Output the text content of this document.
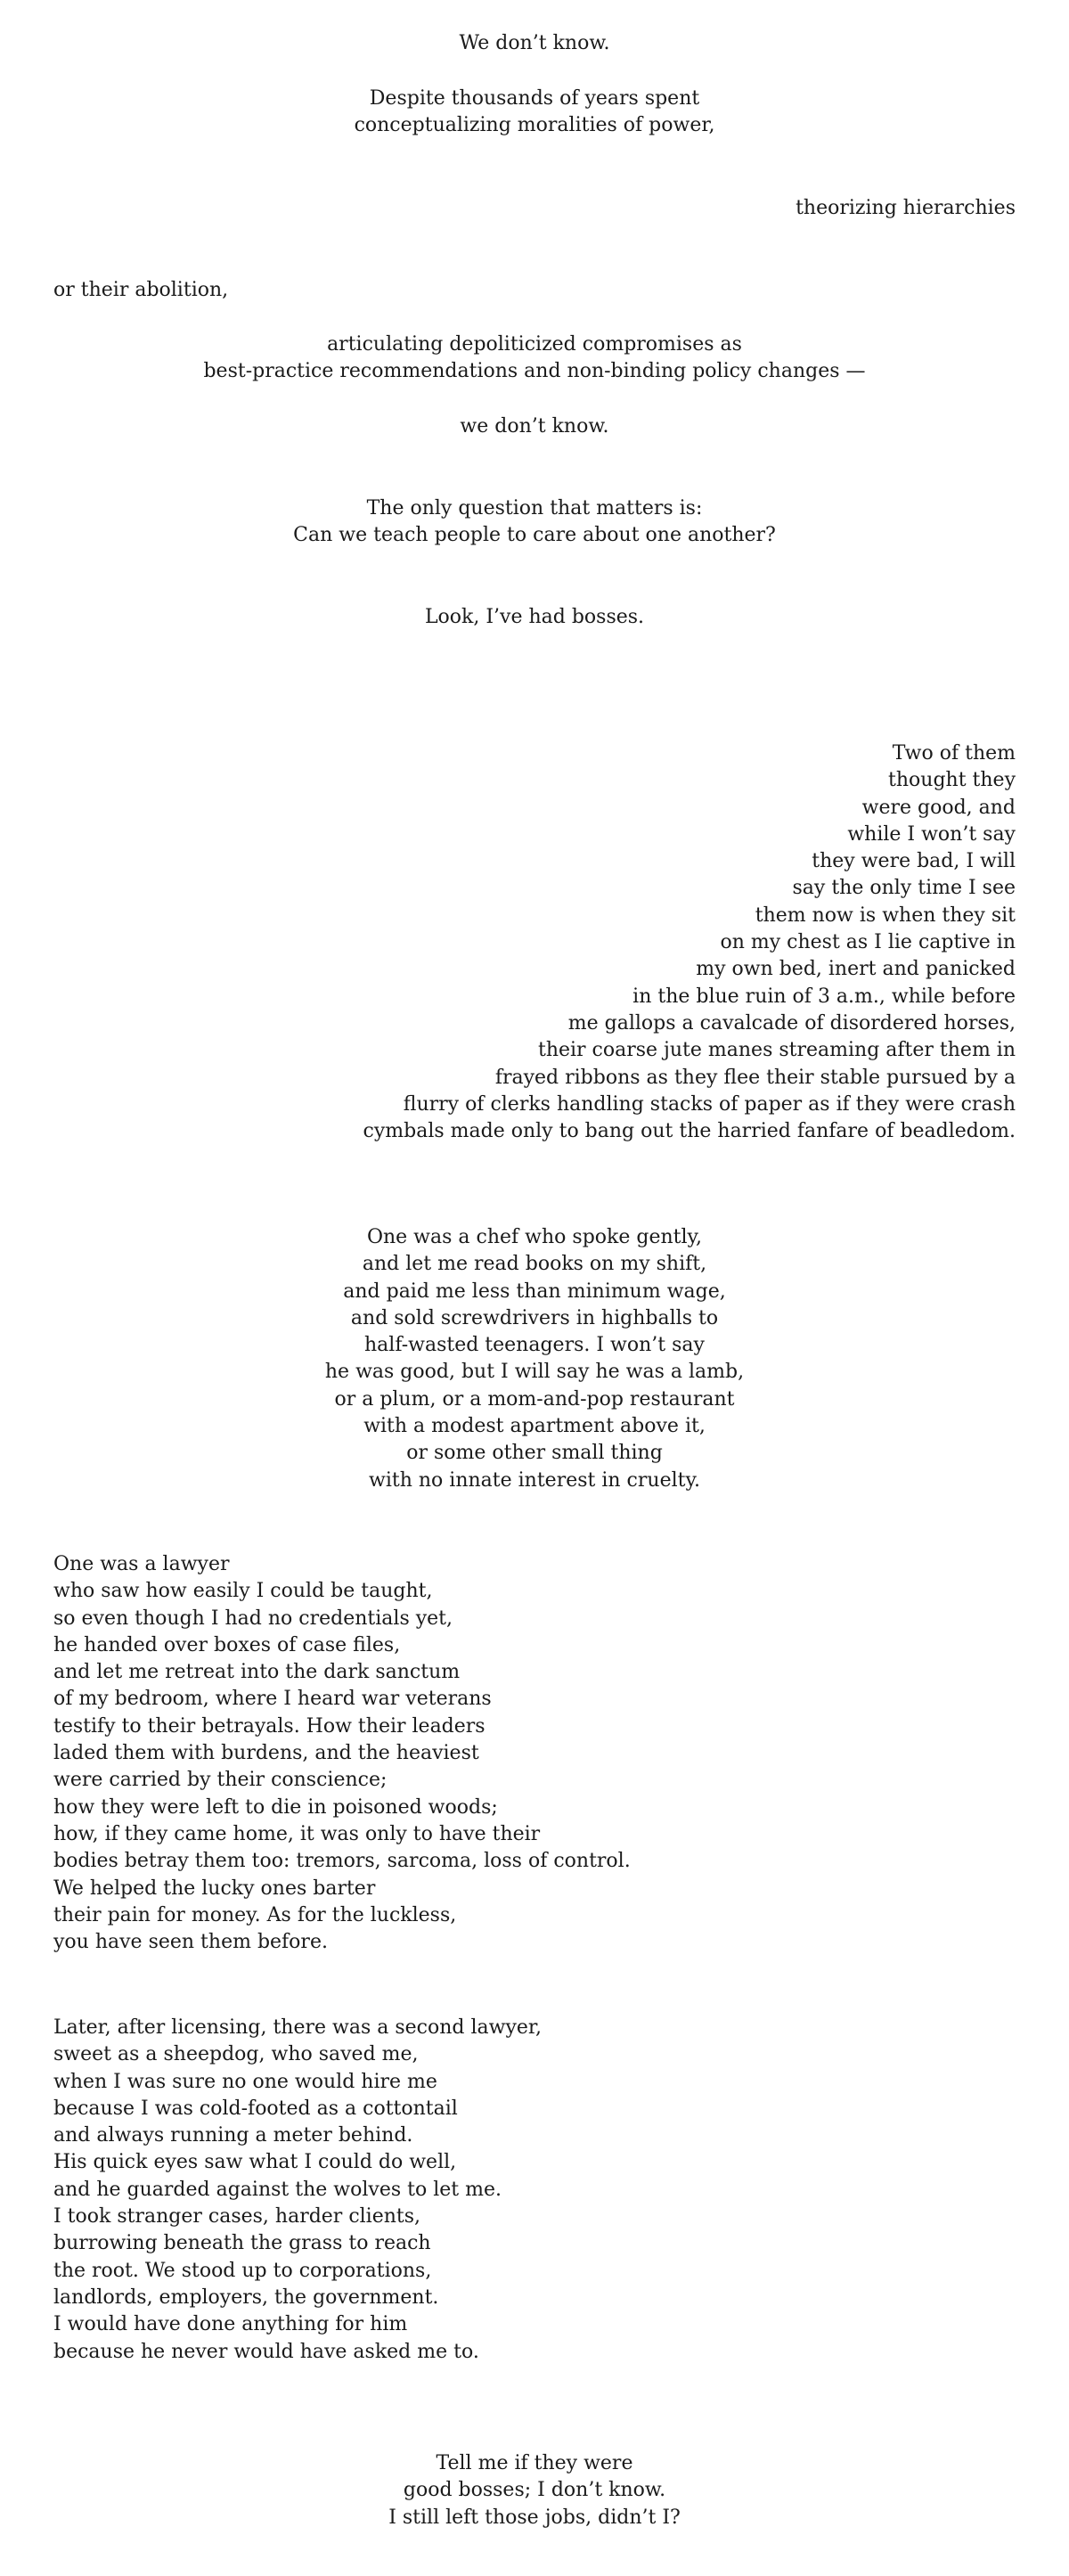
We don’t know.

Despite thousands of years spent
conceptualizing moralities of power,

theorizing hierarchies

or their abolition,

articulating depoliticized compromises as
best-practice recommendations and non-binding policy changes —

we don’t know.

The only question that matters is:
Can we teach people to care about one another?

Look, I’ve had bosses.

Two of them
thought they
were good, and
while I won’t say
they were bad, I will
say the only time I see
them now is when they sit
on my chest as I lie captive in
my own bed, inert and panicked
in the blue ruin of 3 a.m., while before
me gallops a cavalcade of disordered horses,
their coarse jute manes streaming after them in
frayed ribbons as they flee their stable pursued by a
flurry of clerks handling stacks of paper as if they were crash
cymbals made only to bang out the harried fanfare of beadledom.

One was a chef who spoke gently,
and let me read books on my shift,
and paid me less than minimum wage,
and sold screwdrivers in highballs to
half-wasted teenagers. I won’t say
he was good, but I will say he was a lamb,
or a plum, or a mom-and-pop restaurant
with a modest apartment above it,
or some other small thing
with no innate interest in cruelty.

One was a lawyer
who saw how easily I could be taught,
so even though I had no credentials yet,
he handed over boxes of case files,
and let me retreat into the dark sanctum
of my bedroom, where I heard war veterans
testify to their betrayals. How their leaders
laded them with burdens, and the heaviest
were carried by their conscience;
how they were left to die in poisoned woods;
how, if they came home, it was only to have their
bodies betray them too: tremors, sarcoma, loss of control.
We helped the lucky ones barter
their pain for money. As for the luckless,
you have seen them before.

Later, after licensing, there was a second lawyer,
sweet as a sheepdog, who saved me,
when I was sure no one would hire me
because I was cold-footed as a cottontail
and always running a meter behind.
His quick eyes saw what I could do well,
and he guarded against the wolves to let me.
I took stranger cases, harder clients,
burrowing beneath the grass to reach
the root. We stood up to corporations,
landlords, employers, the government.
I would have done anything for him
because he never would have asked me to.

Tell me if they were
good bosses; I don’t know.
I still left those jobs, didn’t I?
